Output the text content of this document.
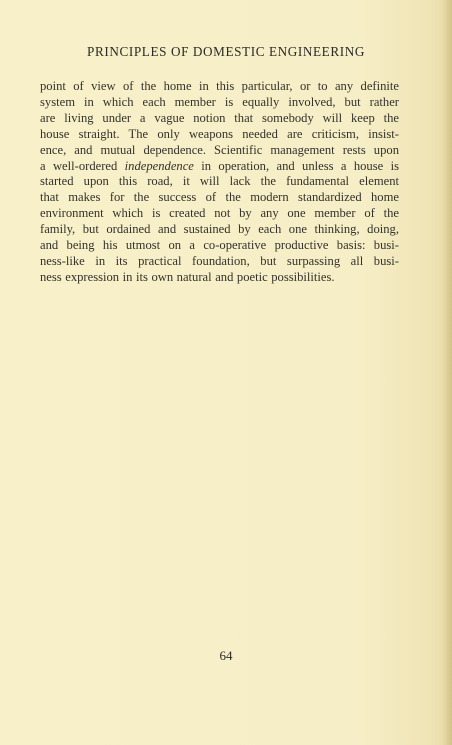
PRINCIPLES OF DOMESTIC ENGINEERING
point of view of the home in this particular, or to any definite
system in which each member is equally involved, but rather
are living under a vague notion that somebody will keep the
house straight. The only weapons needed are criticism, insist-
ence, and mutual dependence. Scientific management rests upon
a well-ordered independence in operation, and unless a house is
started upon this road, it will lack the fundamental element
that makes for the success of the modern standardized home
environment which is created not by any one member of the
family, but ordained and sustained by each one thinking, doing,
and being his utmost on a co-operative productive basis: busi-
ness-like in its practical foundation, but surpassing all busi-
ness expression in its own natural and poetic possibilities.
64
